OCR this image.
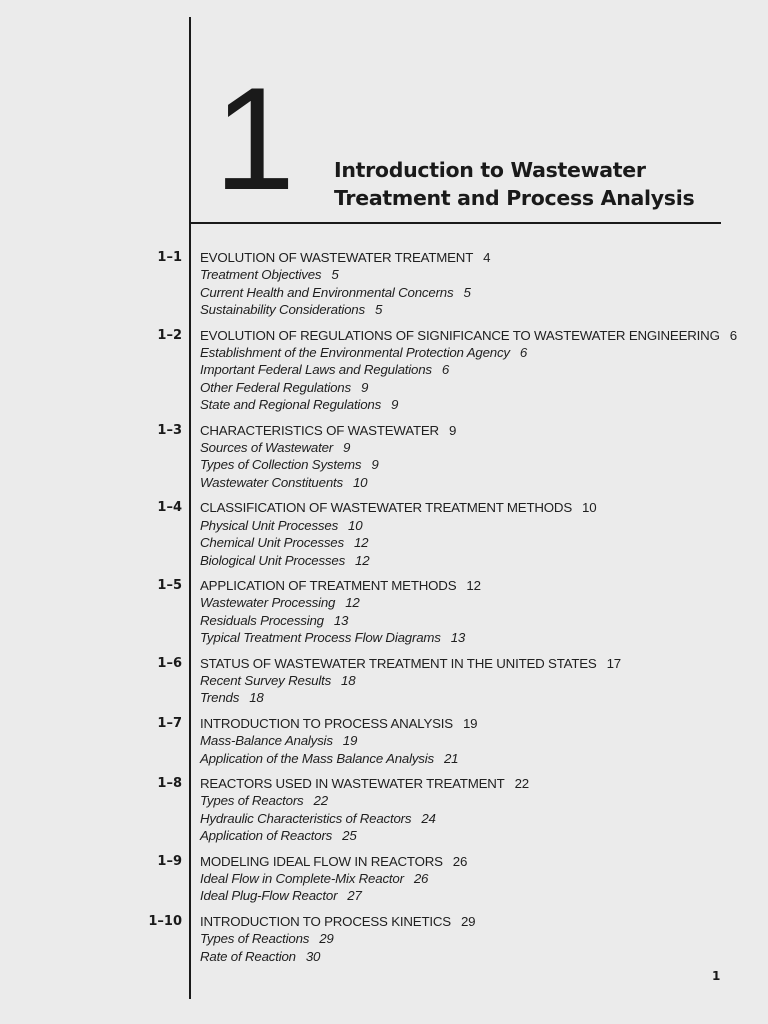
1 Introduction to Wastewater
Treatment and Process Analysis
1–1 EVOLUTION OF WASTEWATER TREATMENT 4
Treatment Objectives 5
Current Health and Environmental Concerns 5
Sustainability Considerations 5
1–2 EVOLUTION OF REGULATIONS OF SIGNIFICANCE TO WASTEWATER ENGINEERING 6
Establishment of the Environmental Protection Agency 6
Important Federal Laws and Regulations 6
Other Federal Regulations 9
State and Regional Regulations 9
1–3 CHARACTERISTICS OF WASTEWATER 9
Sources of Wastewater 9
Types of Collection Systems 9
Wastewater Constituents 10
1–4 CLASSIFICATION OF WASTEWATER TREATMENT METHODS 10
Physical Unit Processes 10
Chemical Unit Processes 12
Biological Unit Processes 12
1–5 APPLICATION OF TREATMENT METHODS 12
Wastewater Processing 12
Residuals Processing 13
Typical Treatment Process Flow Diagrams 13
1–6 STATUS OF WASTEWATER TREATMENT IN THE UNITED STATES 17
Recent Survey Results 18
Trends 18
1–7 INTRODUCTION TO PROCESS ANALYSIS 19
Mass-Balance Analysis 19
Application of the Mass Balance Analysis 21
1–8 REACTORS USED IN WASTEWATER TREATMENT 22
Types of Reactors 22
Hydraulic Characteristics of Reactors 24
Application of Reactors 25
1–9 MODELING IDEAL FLOW IN REACTORS 26
Ideal Flow in Complete-Mix Reactor 26
Ideal Plug-Flow Reactor 27
1–10 INTRODUCTION TO PROCESS KINETICS 29
Types of Reactions 29
Rate of Reaction 30
1
